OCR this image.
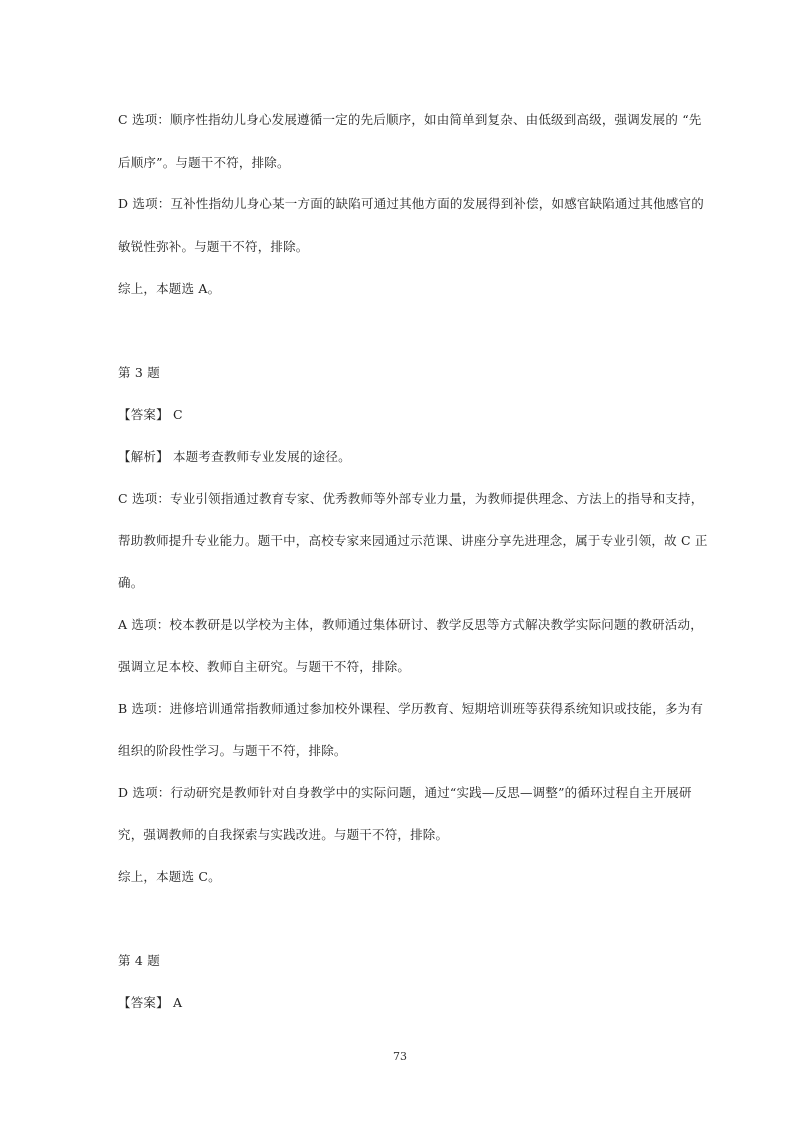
C 选项：顺序性指幼儿身心发展遵循一定的先后顺序，如由简单到复杂、由低级到高级，强调发展的 “先
后顺序”。与题干不符，排除。
D 选项：互补性指幼儿身心某一方面的缺陷可通过其他方面的发展得到补偿，如感官缺陷通过其他感官的
敏锐性弥补。与题干不符，排除。
综上，本题选 A。
第 3 题
【答案】 C
【解析】 本题考查教师专业发展的途径。
C 选项：专业引领指通过教育专家、优秀教师等外部专业力量，为教师提供理念、方法上的指导和支持，
帮助教师提升专业能力。题干中，高校专家来园通过示范课、讲座分享先进理念，属于专业引领，故 C 正
确。
A 选项：校本教研是以学校为主体，教师通过集体研讨、教学反思等方式解决教学实际问题的教研活动，
强调立足本校、教师自主研究。与题干不符，排除。
B 选项：进修培训通常指教师通过参加校外课程、学历教育、短期培训班等获得系统知识或技能，多为有
组织的阶段性学习。与题干不符，排除。
D 选项：行动研究是教师针对自身教学中的实际问题，通过“实践—反思—调整”的循环过程自主开展研
究，强调教师的自我探索与实践改进。与题干不符，排除。
综上，本题选 C。
第 4 题
【答案】 A
73
